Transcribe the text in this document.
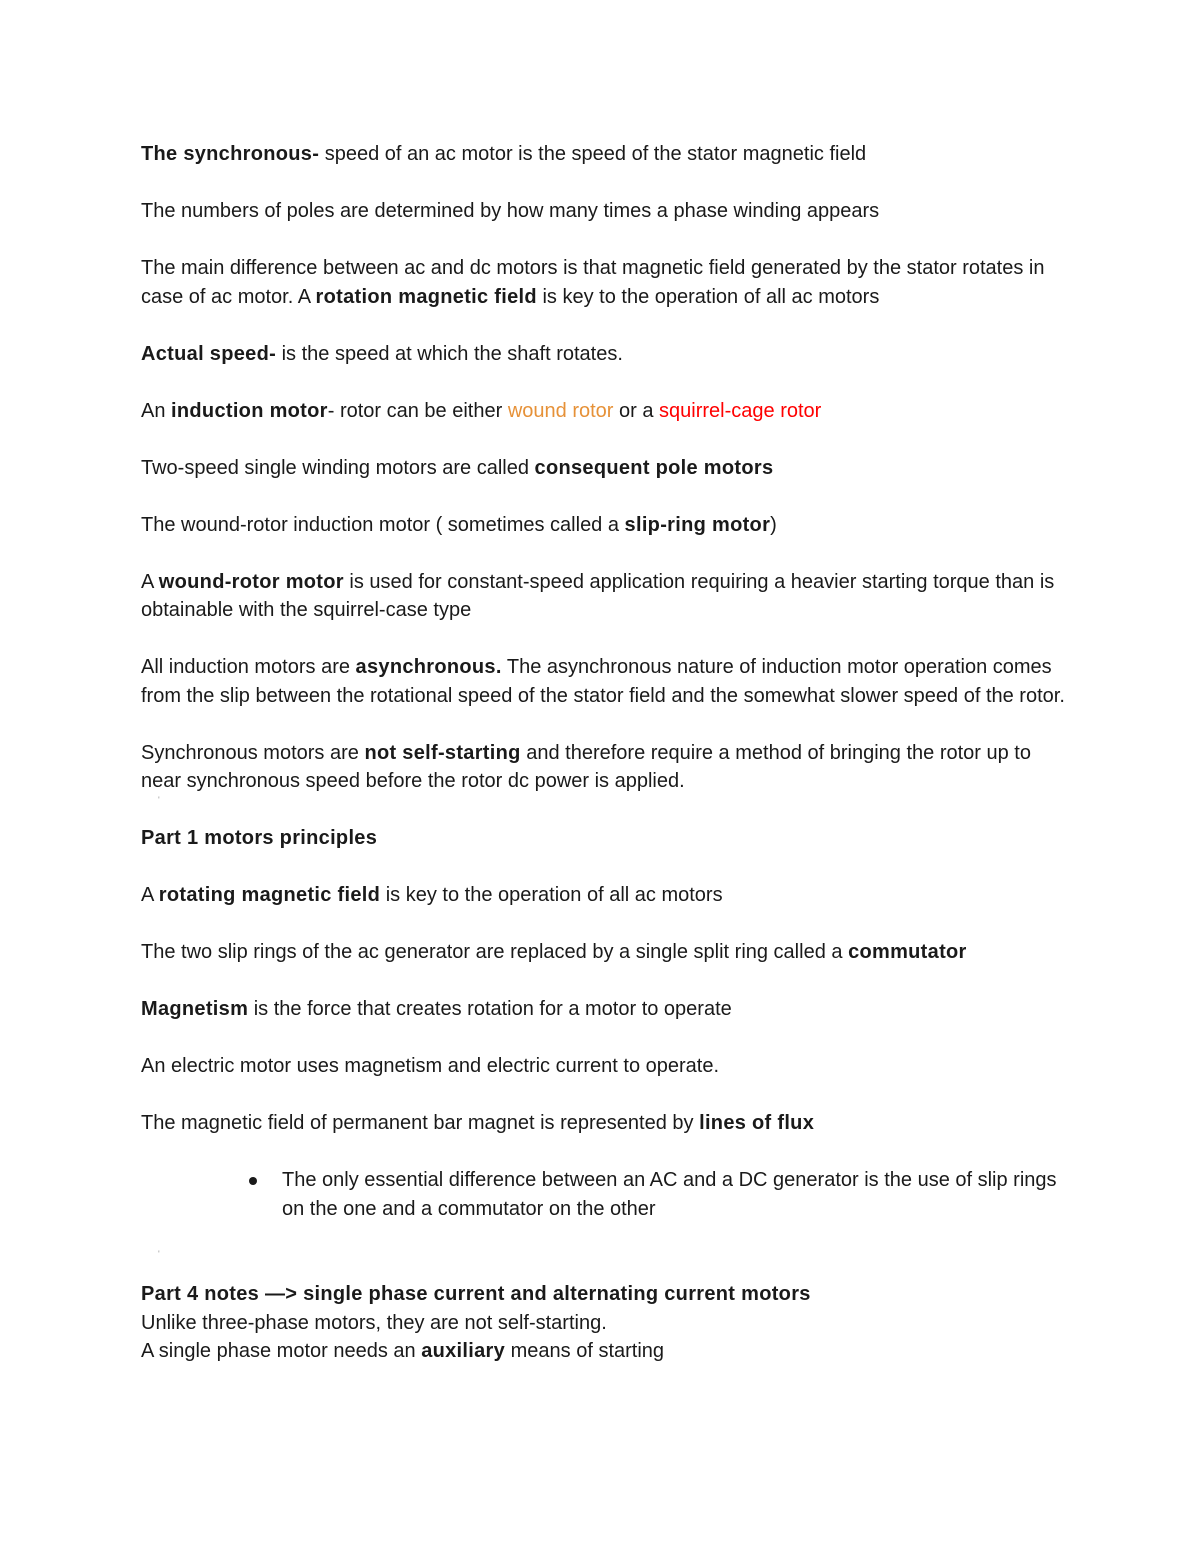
The synchronous- speed of an ac motor is the speed of the stator magnetic field

The numbers of poles are determined by how many times a phase winding appears

The main difference between ac and dc motors is that magnetic field generated by the stator rotates in case of ac motor. A rotation magnetic field is key to the operation of all ac motors

Actual speed- is the speed at which the shaft rotates.

An induction motor- rotor can be either wound rotor or a squirrel-cage rotor

Two-speed single winding motors are called consequent pole motors

The wound-rotor induction motor ( sometimes called a slip-ring motor)

A wound-rotor motor is used for constant-speed application requiring a heavier starting torque than is obtainable with the squirrel-case type

All induction motors are asynchronous. The asynchronous nature of induction motor operation comes from the slip between the rotational speed of the stator field and the somewhat slower speed of the rotor.

Synchronous motors are not self-starting and therefore require a method of bringing the rotor up to near synchronous speed before the rotor dc power is applied.
'

Part 1 motors principles

A rotating magnetic field is key to the operation of all ac motors

The two slip rings of the ac generator are replaced by a single split ring called a commutator

Magnetism is the force that creates rotation for a motor to operate

An electric motor uses magnetism and electric current to operate.

The magnetic field of permanent bar magnet is represented by lines of flux

The only essential difference between an AC and a DC generator is the use of slip rings on the one and a commutator on the other
'

Part 4 notes —> single phase current and alternating current motors

Unlike three-phase motors, they are not self-starting.

A single phase motor needs an auxiliary means of starting
